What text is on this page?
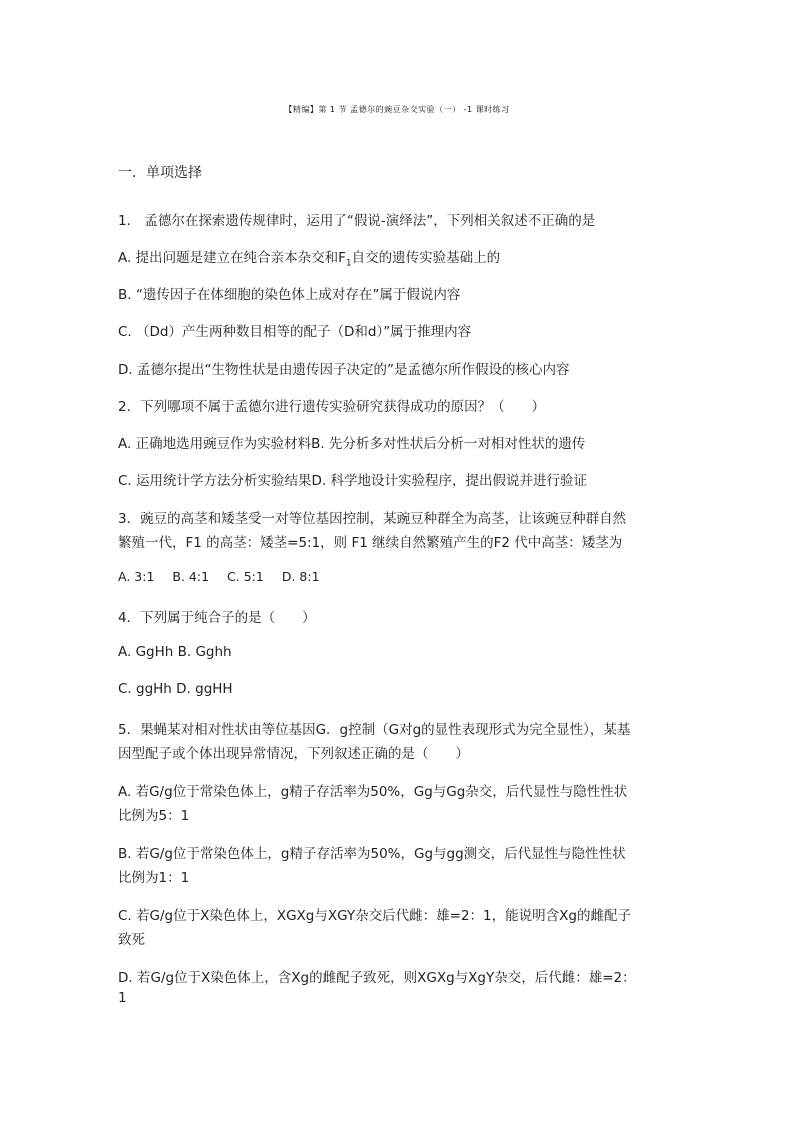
【精编】第 1 节 孟德尔的豌豆杂交实验（一） -1 课时练习
一．单项选择
1． 孟德尔在探索遗传规律时，运用了“假说-演绎法”，下列相关叙述不正确的是
A. 提出问题是建立在纯合亲本杂交和$F_1$自交的遗传实验基础上的
B. “遗传因子在体细胞的染色体上成对存在”属于假说内容
C. （Dd）产生两种数目相等的配子（D和d）”属于推理内容
D. 孟德尔提出“生物性状是由遗传因子决定的”是孟德尔所作假设的核心内容
2．下列哪项不属于孟德尔进行遗传实验研究获得成功的原因？（　　）
A. 正确地选用豌豆作为实验材料B. 先分析多对性状后分析一对相对性状的遗传
C. 运用统计学方法分析实验结果D. 科学地设计实验程序，提出假说并进行验证
3．豌豆的高茎和矮茎受一对等位基因控制，某豌豆种群全为高茎，让该豌豆种群自然
繁殖一代，F1 的高茎：矮茎=5:1，则 F1 继续自然繁殖产生的F2 代中高茎：矮茎为
A. 3:1 B. 4:1 C. 5:1 D. 8:1
4．下列属于纯合子的是（　　）
A. GgHh B. Gghh
C. ggHh D. ggHH
5．果蝇某对相对性状由等位基因G．g控制（G对g的显性表现形式为完全显性），某基
因型配子或个体出现异常情况，下列叙述正确的是（　　）
A. 若G/g位于常染色体上，g精子存活率为50%，Gg与Gg杂交，后代显性与隐性性状
比例为5：1
B. 若G/g位于常染色体上，g精子存活率为50%，Gg与gg测交，后代显性与隐性性状
比例为1：1
C. 若G/g位于X染色体上，XGXg与XGY杂交后代雌：雄=2：1，能说明含Xg的雌配子
致死
D. 若G/g位于X染色体上，含Xg的雌配子致死，则XGXg与XgY杂交，后代雌：雄=2：
1
